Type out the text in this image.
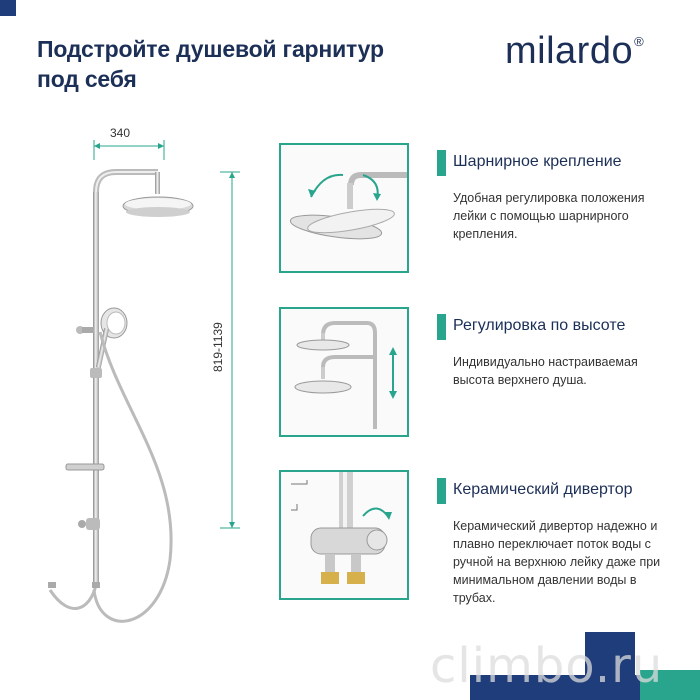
Подстройте душевой гарнитур
под себя
milardo®
340
819-1139
Шарнирное крепление

Удобная регулировка положения лейки с помощью шарнирного крепления.

Регулировка по высоте

Индивидуально настраиваемая высота верхнего душа.

Керамический дивертор

Керамический дивертор надежно и плавно переключает поток воды с ручной на верхнюю лейку даже при минимальном давлении воды в трубах.

climbo.ru
